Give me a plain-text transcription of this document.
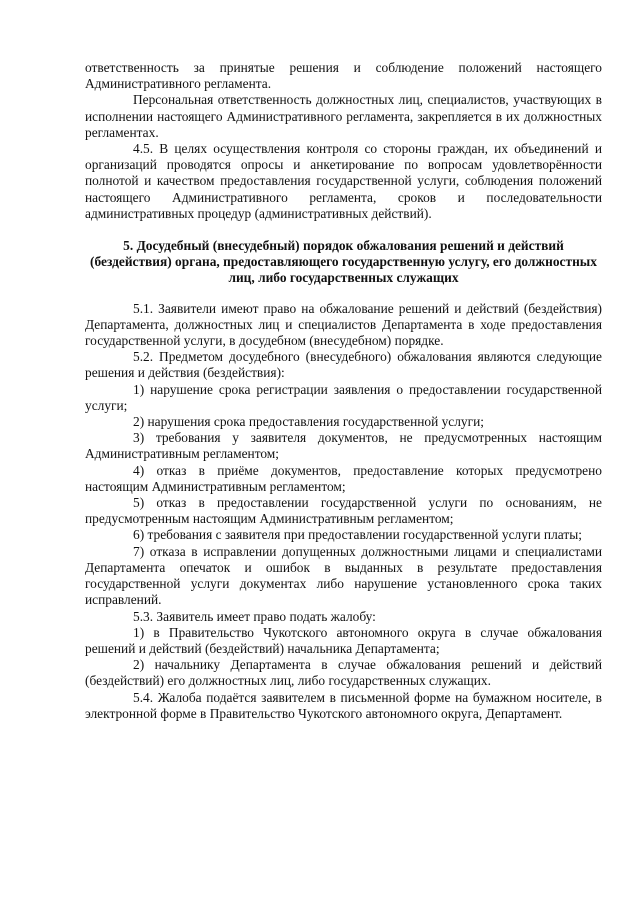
ответственность за принятые решения и соблюдение положений настоящего Административного регламента.

Персональная ответственность должностных лиц, специалистов, участвующих в исполнении настоящего Административного регламента, закрепляется в их должностных регламентах.

4.5. В целях осуществления контроля со стороны граждан, их объединений и организаций проводятся опросы и анкетирование по вопросам удовлетворённости полнотой и качеством предоставления государственной услуги, соблюдения положений настоящего Административного регламента, сроков и последовательности административных процедур (административных действий).

5. Досудебный (внесудебный) порядок обжалования решений и действий (бездействия) органа, предоставляющего государственную услугу, его должностных лиц, либо государственных служащих

5.1. Заявители имеют право на обжалование решений и действий (бездействия) Департамента, должностных лиц и специалистов Департамента в ходе предоставления государственной услуги, в досудебном (внесудебном) порядке.

5.2. Предметом досудебного (внесудебного) обжалования являются следующие решения и действия (бездействия):

1) нарушение срока регистрации заявления о предоставлении государственной услуги;

2) нарушения срока предоставления государственной услуги;

3) требования у заявителя документов, не предусмотренных настоящим Административным регламентом;

4) отказ в приёме документов, предоставление которых предусмотрено настоящим Административным регламентом;

5) отказ в предоставлении государственной услуги по основаниям, не предусмотренным настоящим Административным регламентом;

6) требования с заявителя при предоставлении государственной услуги платы;

7) отказа в исправлении допущенных должностными лицами и специалистами Департамента опечаток и ошибок в выданных в результате предоставления государственной услуги документах либо нарушение установленного срока таких исправлений.

5.3. Заявитель имеет право подать жалобу:

1) в Правительство Чукотского автономного округа в случае обжалования решений и действий (бездействий) начальника Департамента;

2) начальнику Департамента в случае обжалования решений и действий (бездействий) его должностных лиц, либо государственных служащих.

5.4. Жалоба подаётся заявителем в письменной форме на бумажном носителе, в электронной форме в Правительство Чукотского автономного округа, Департамент.
